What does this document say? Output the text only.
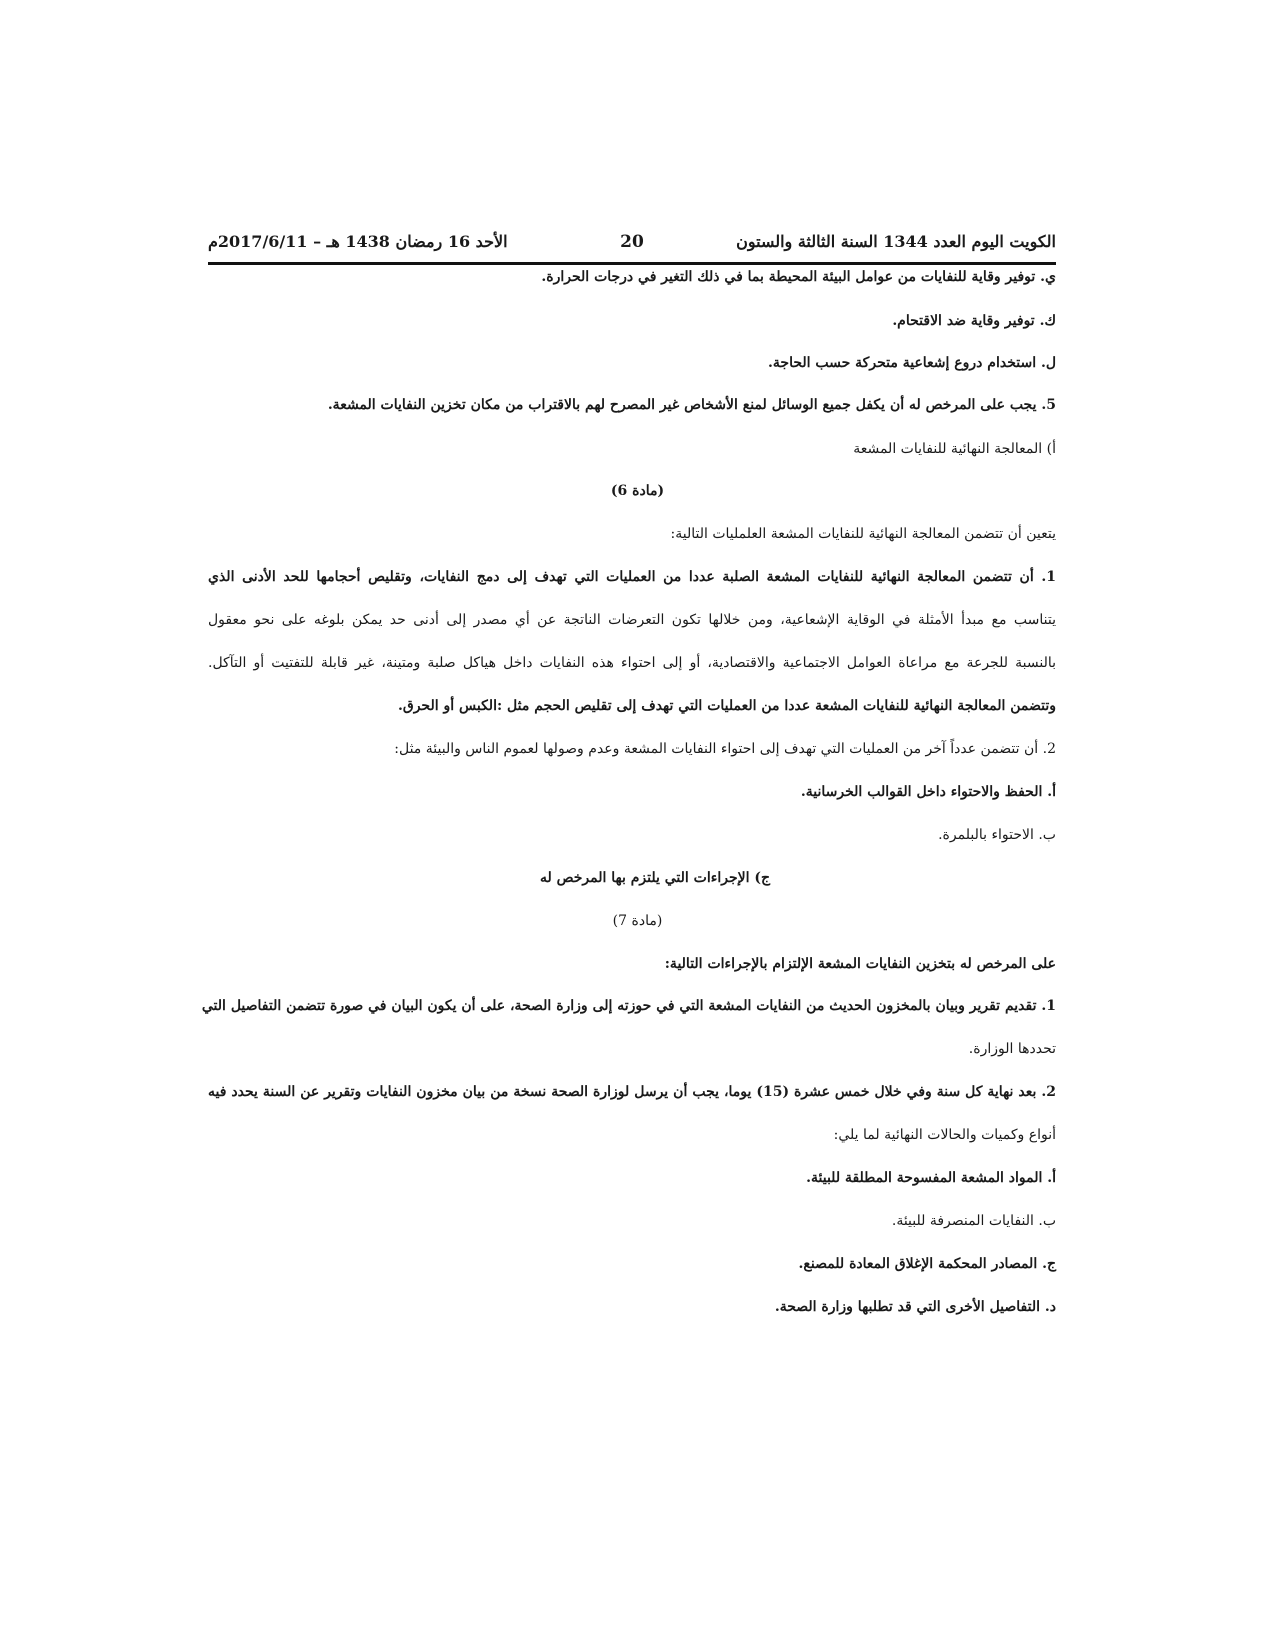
الكويت اليوم العدد 1344 السنة الثالثة والستون
20
الأحد 16 رمضان 1438 هـ – 2017/6/11م
ي. توفير وقاية للنفايات من عوامل البيئة المحيطة بما في ذلك التغير في درجات الحرارة.
ك. توفير وقاية ضد الاقتحام.
ل. استخدام دروع إشعاعية متحركة حسب الحاجة.
5. يجب على المرخص له أن يكفل جميع الوسائل لمنع الأشخاص غير المصرح لهم بالاقتراب من مكان تخزين النفايات المشعة.
أ) المعالجة النهائية للنفايات المشعة
(مادة 6)
يتعين أن تتضمن المعالجة النهائية للنفايات المشعة العلمليات التالية:
1. أن تتضمن المعالجة النهائية للنفايات المشعة الصلبة عددا من العمليات التي تهدف إلى دمج النفايات، وتقليص أحجامها للحد الأدنى الذي
يتناسب مع مبدأ الأمثلة في الوقاية الإشعاعية، ومن خلالها تكون التعرضات الناتجة عن أي مصدر إلى أدنى حد يمكن بلوغه على نحو معقول
بالنسبة للجرعة مع مراعاة العوامل الاجتماعية والاقتصادية، أو إلى احتواء هذه النفايات داخل هياكل صلبة ومتينة، غير قابلة للتفتيت أو التآكل.
وتتضمن المعالجة النهائية للنفايات المشعة عددا من العمليات التي تهدف إلى تقليص الحجم مثل :الكبس أو الحرق.
2. أن تتضمن عدداً آخر من العمليات التي تهدف إلى احتواء النفايات المشعة وعدم وصولها لعموم الناس والبيئة مثل:
أ. الحفظ والاحتواء داخل القوالب الخرسانية.
ب. الاحتواء بالبلمرة.
ج) الإجراءات التي يلتزم بها المرخص له
(مادة 7)
على المرخص له بتخزين النفايات المشعة الإلتزام بالإجراءات التالية:
1. تقديم تقرير وبيان بالمخزون الحديث من النفايات المشعة التي في حوزته إلى وزارة الصحة، على أن يكون البيان في صورة تتضمن التفاصيل التي
تحددها الوزارة.
2. بعد نهاية كل سنة وفي خلال خمس عشرة (15) يوما، يجب أن يرسل لوزارة الصحة نسخة من بيان مخزون النفايات وتقرير عن السنة يحدد فيه
أنواع وكميات والحالات النهائية لما يلي:
أ. المواد المشعة المفسوحة المطلقة للبيئة.
ب. النفايات المنصرفة للبيئة.
ج. المصادر المحكمة الإغلاق المعادة للمصنع.
د. التفاصيل الأخرى التي قد تطلبها وزارة الصحة.
